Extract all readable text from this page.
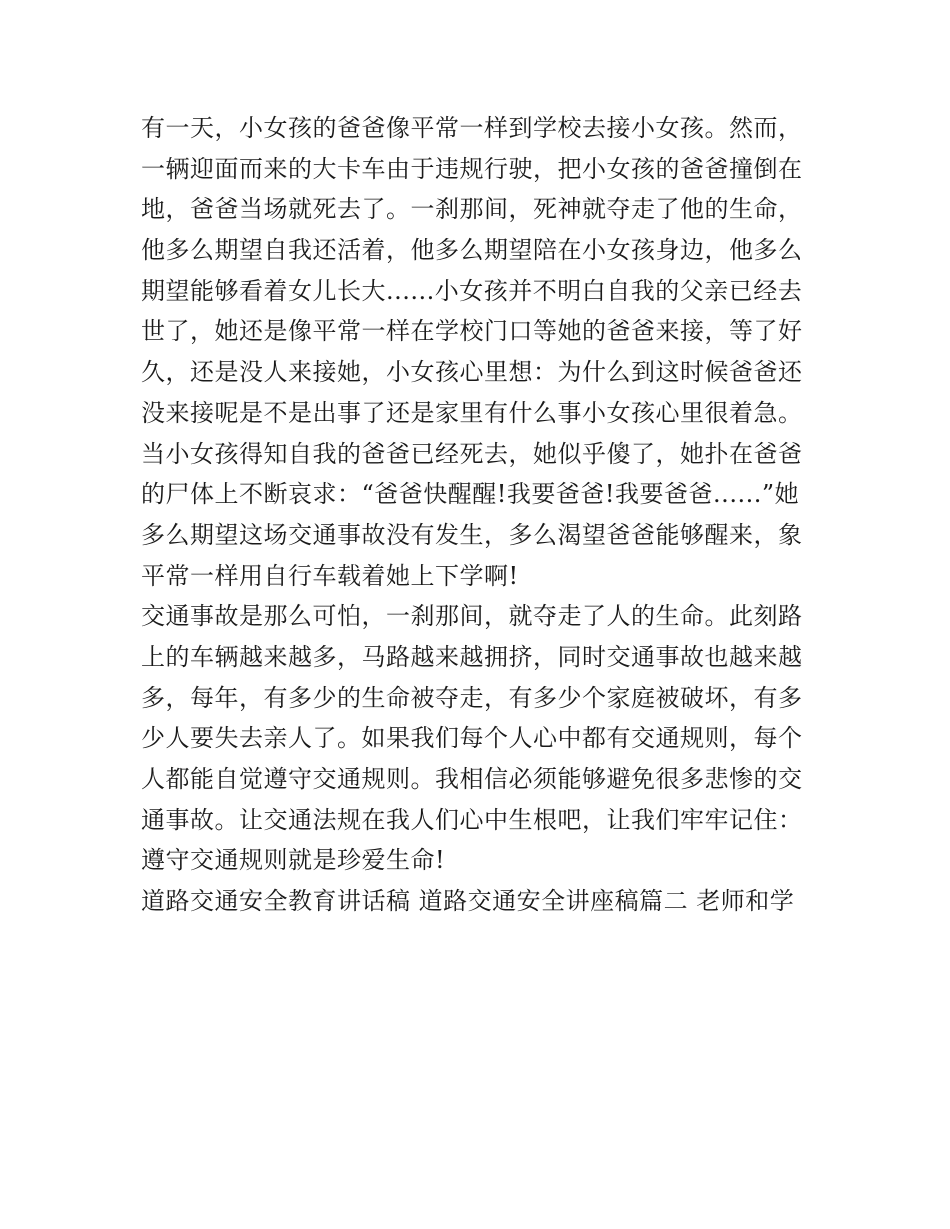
有一天，小女孩的爸爸像平常一样到学校去接小女孩。然而，
一辆迎面而来的大卡车由于违规行驶，把小女孩的爸爸撞倒在
地，爸爸当场就死去了。一刹那间，死神就夺走了他的生命，
他多么期望自我还活着，他多么期望陪在小女孩身边，他多么
期望能够看着女儿长大......小女孩并不明白自我的父亲已经去
世了，她还是像平常一样在学校门口等她的爸爸来接，等了好
久，还是没人来接她，小女孩心里想：为什么到这时候爸爸还
没来接呢是不是出事了还是家里有什么事小女孩心里很着急。
当小女孩得知自我的爸爸已经死去，她似乎傻了，她扑在爸爸
的尸体上不断哀求：“爸爸快醒醒!我要爸爸!我要爸爸......”她
多么期望这场交通事故没有发生，多么渴望爸爸能够醒来，象
平常一样用自行车载着她上下学啊!
交通事故是那么可怕，一刹那间，就夺走了人的生命。此刻路
上的车辆越来越多，马路越来越拥挤，同时交通事故也越来越
多，每年，有多少的生命被夺走，有多少个家庭被破坏，有多
少人要失去亲人了。如果我们每个人心中都有交通规则，每个
人都能自觉遵守交通规则。我相信必须能够避免很多悲惨的交
通事故。让交通法规在我人们心中生根吧，让我们牢牢记住：
遵守交通规则就是珍爱生命!
道路交通安全教育讲话稿 道路交通安全讲座稿篇二 老师和学
